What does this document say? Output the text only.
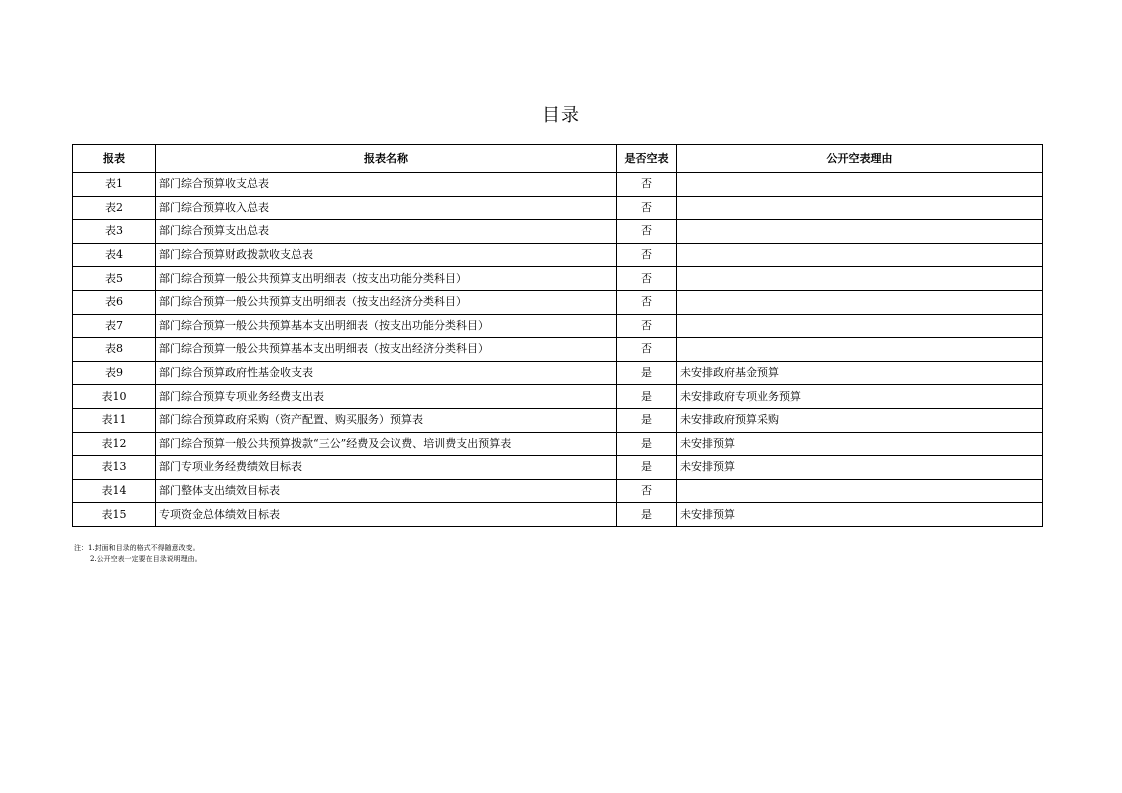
目录
报表	报表名称	是否空表	公开空表理由
表1	部门综合预算收支总表	否	
表2	部门综合预算收入总表	否	
表3	部门综合预算支出总表	否	
表4	部门综合预算财政拨款收支总表	否	
表5	部门综合预算一般公共预算支出明细表（按支出功能分类科目）	否	
表6	部门综合预算一般公共预算支出明细表（按支出经济分类科目）	否	
表7	部门综合预算一般公共预算基本支出明细表（按支出功能分类科目）	否	
表8	部门综合预算一般公共预算基本支出明细表（按支出经济分类科目）	否	
表9	部门综合预算政府性基金收支表	是	未安排政府基金预算
表10	部门综合预算专项业务经费支出表	是	未安排政府专项业务预算
表11	部门综合预算政府采购（资产配置、购买服务）预算表	是	未安排政府预算采购
表12	部门综合预算一般公共预算拨款“三公”经费及会议费、培训费支出预算表	是	未安排预算
表13	部门专项业务经费绩效目标表	是	未安排预算
表14	部门整体支出绩效目标表	否	
表15	专项资金总体绩效目标表	是	未安排预算
注：1.封面和目录的格式不得随意改变。
2.公开空表一定要在目录说明理由。
